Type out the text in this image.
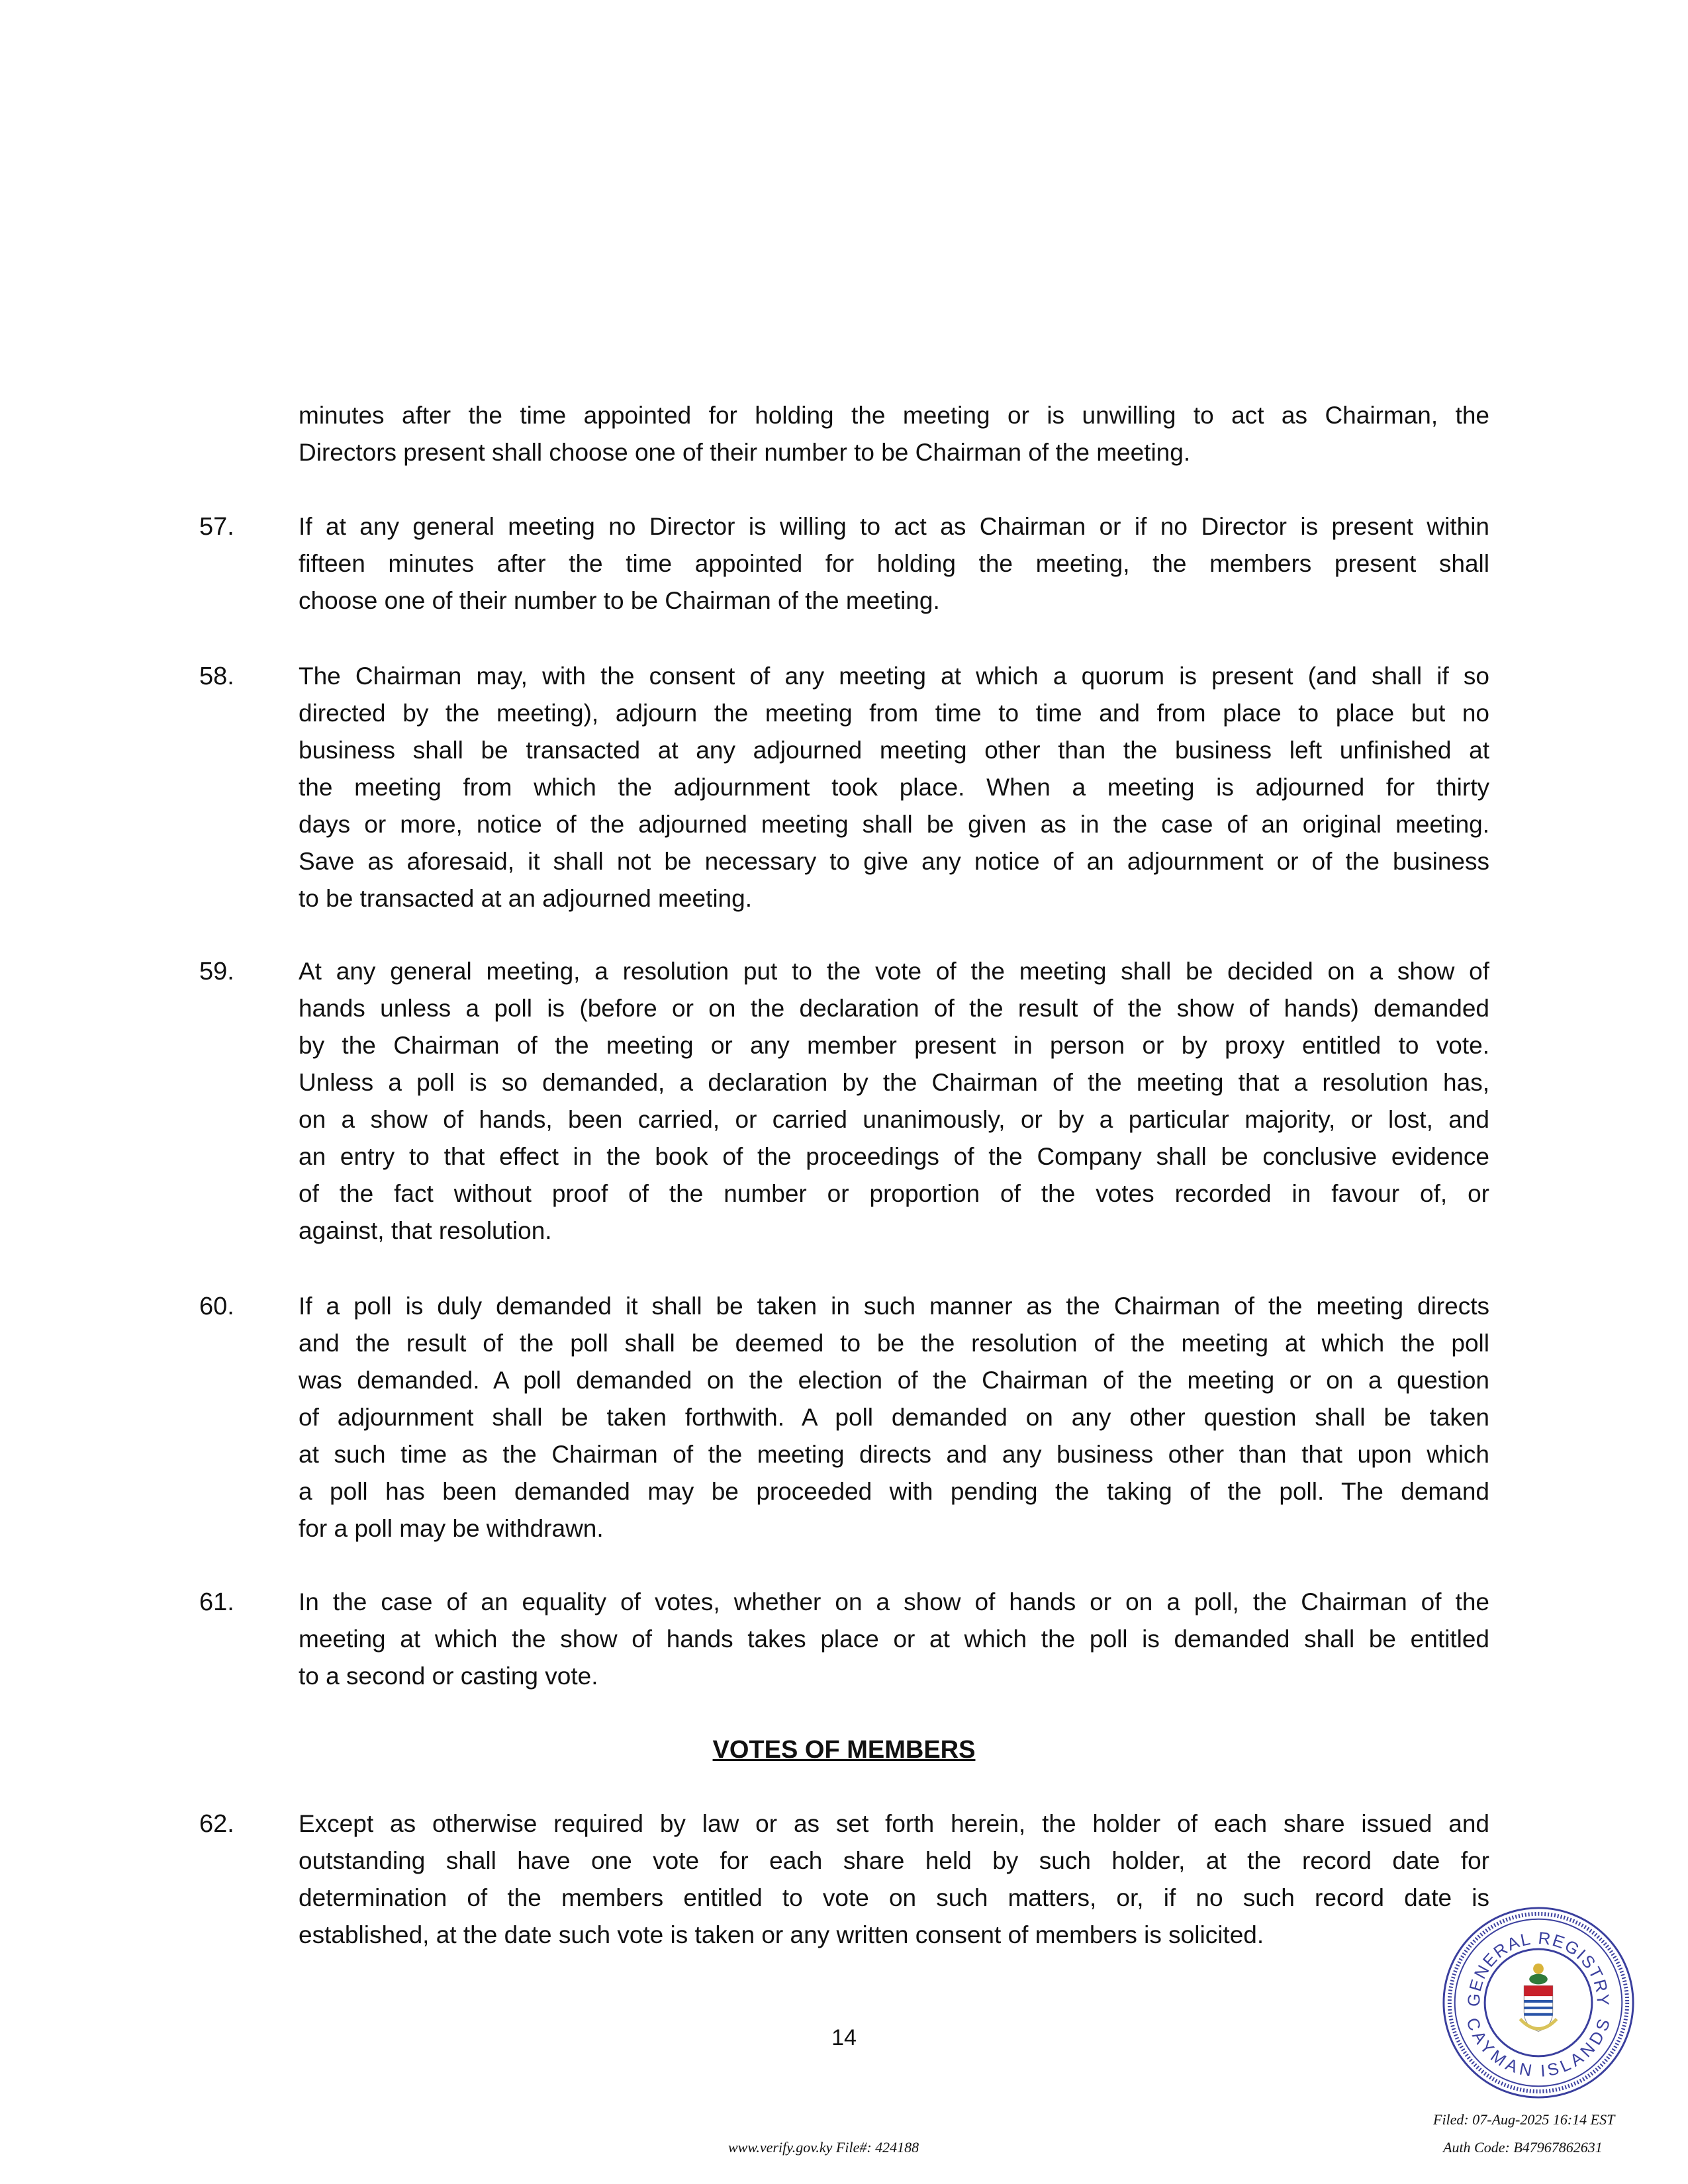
minutes after the time appointed for holding the meeting or is unwilling to act as Chairman, the
Directors present shall choose one of their number to be Chairman of the meeting.
57.	If at any general meeting no Director is willing to act as Chairman or if no Director is present within
fifteen minutes after the time appointed for holding the meeting, the members present shall
choose one of their number to be Chairman of the meeting.
58.	The Chairman may, with the consent of any meeting at which a quorum is present (and shall if so
directed by the meeting), adjourn the meeting from time to time and from place to place but no
business shall be transacted at any adjourned meeting other than the business left unfinished at
the meeting from which the adjournment took place. When a meeting is adjourned for thirty
days or more, notice of the adjourned meeting shall be given as in the case of an original meeting.
Save as aforesaid, it shall not be necessary to give any notice of an adjournment or of the business
to be transacted at an adjourned meeting.
59.	At any general meeting, a resolution put to the vote of the meeting shall be decided on a show of
hands unless a poll is (before or on the declaration of the result of the show of hands) demanded
by the Chairman of the meeting or any member present in person or by proxy entitled to vote.
Unless a poll is so demanded, a declaration by the Chairman of the meeting that a resolution has,
on a show of hands, been carried, or carried unanimously, or by a particular majority, or lost, and
an entry to that effect in the book of the proceedings of the Company shall be conclusive evidence
of the fact without proof of the number or proportion of the votes recorded in favour of, or
against, that resolution.
60.	If a poll is duly demanded it shall be taken in such manner as the Chairman of the meeting directs
and the result of the poll shall be deemed to be the resolution of the meeting at which the poll
was demanded. A poll demanded on the election of the Chairman of the meeting or on a question
of adjournment shall be taken forthwith. A poll demanded on any other question shall be taken
at such time as the Chairman of the meeting directs and any business other than that upon which
a poll has been demanded may be proceeded with pending the taking of the poll. The demand
for a poll may be withdrawn.
61.	In the case of an equality of votes, whether on a show of hands or on a poll, the Chairman of the
meeting at which the show of hands takes place or at which the poll is demanded shall be entitled
to a second or casting vote.
62.	Except as otherwise required by law or as set forth herein, the holder of each share issued and
outstanding shall have one vote for each share held by such holder, at the record date for
determination of the members entitled to vote on such matters, or, if no such record date is
established, at the date such vote is taken or any written consent of members is solicited.
VOTES OF MEMBERS
14
www.verify.gov.ky File#: 424188
Filed: 07-Aug-2025 16:14 EST
Auth Code: B47967862631
GENERAL REGISTRY
CAYMAN ISLANDS
